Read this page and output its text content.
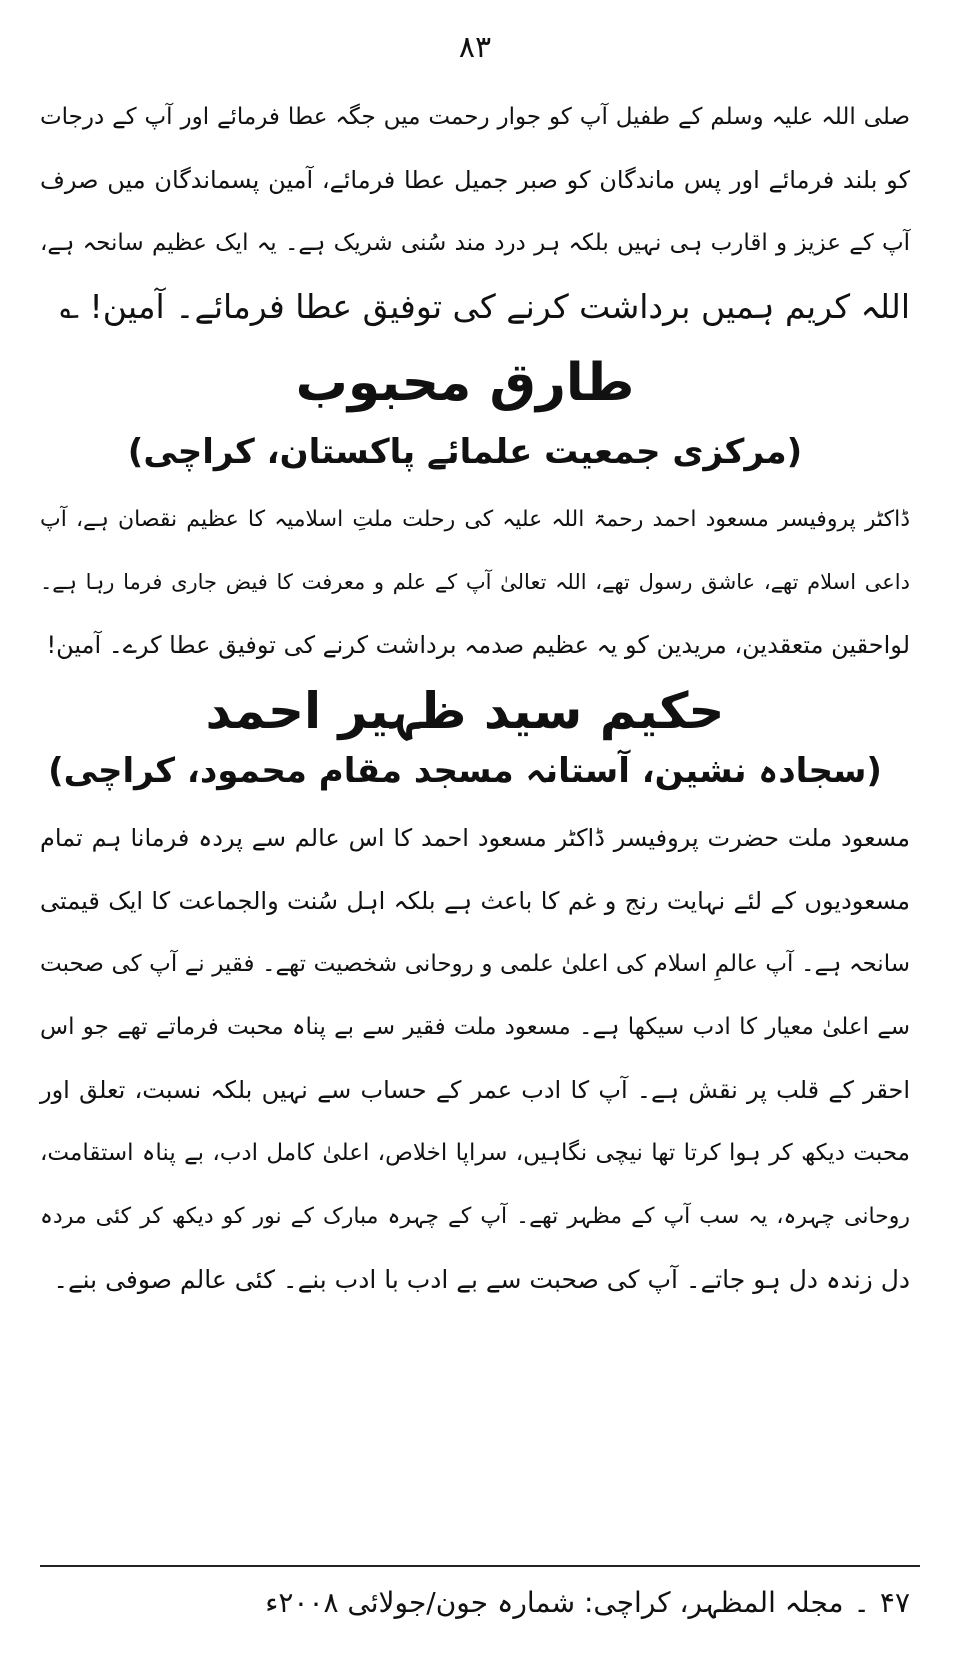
۸۳
صلی اللہ علیہ وسلم کے طفیل آپ کو جوار رحمت میں جگہ عطا فرمائے اور آپ کے درجات
کو بلند فرمائے اور پس ماندگان کو صبر جمیل عطا فرمائے، آمین پسماندگان میں صرف
آپ کے عزیز و اقارب ہی نہیں بلکہ ہر درد مند سُنی شریک ہے۔ یہ ایک عظیم سانحہ ہے،
اللہ کریم ہمیں برداشت کرنے کی توفیق عطا فرمائے۔ آمین! ؎
طارق محبوب
(مرکزی جمعیت علمائے پاکستان، کراچی)
ڈاکٹر پروفیسر مسعود احمد رحمۃ اللہ علیہ کی رحلت ملتِ اسلامیہ کا عظیم نقصان ہے، آپ
داعی اسلام تھے، عاشق رسول تھے، اللہ تعالیٰ آپ کے علم و معرفت کا فیض جاری فرما رہا ہے۔
لواحقین متعقدین، مریدین کو یہ عظیم صدمہ برداشت کرنے کی توفیق عطا کرے۔ آمین!
حکیم سید ظہیر احمد
(سجادہ نشین، آستانہ مسجد مقام محمود، کراچی)
مسعود ملت حضرت پروفیسر ڈاکٹر مسعود احمد کا اس عالم سے پردہ فرمانا ہم تمام
مسعودیوں کے لئے نہایت رنج و غم کا باعث ہے بلکہ اہل سُنت والجماعت کا ایک قیمتی
سانحہ ہے۔ آپ عالمِ اسلام کی اعلیٰ علمی و روحانی شخصیت تھے۔ فقیر نے آپ کی صحبت
سے اعلیٰ معیار کا ادب سیکھا ہے۔ مسعود ملت فقیر سے بے پناہ محبت فرماتے تھے جو اس
احقر کے قلب پر نقش ہے۔ آپ کا ادب عمر کے حساب سے نہیں بلکہ نسبت، تعلق اور
محبت دیکھ کر ہوا کرتا تھا نیچی نگاہیں، سراپا اخلاص، اعلیٰ کامل ادب، بے پناہ استقامت،
روحانی چہرہ، یہ سب آپ کے مظہر تھے۔ آپ کے چہرہ مبارک کے نور کو دیکھ کر کئی مردہ
دل زندہ دل ہو جاتے۔ آپ کی صحبت سے بے ادب با ادب بنے۔ کئی عالم صوفی بنے۔
۴۷۔مجلہ المظہر، کراچی: شمارہ جون/جولائی ۲۰۰۸ء
